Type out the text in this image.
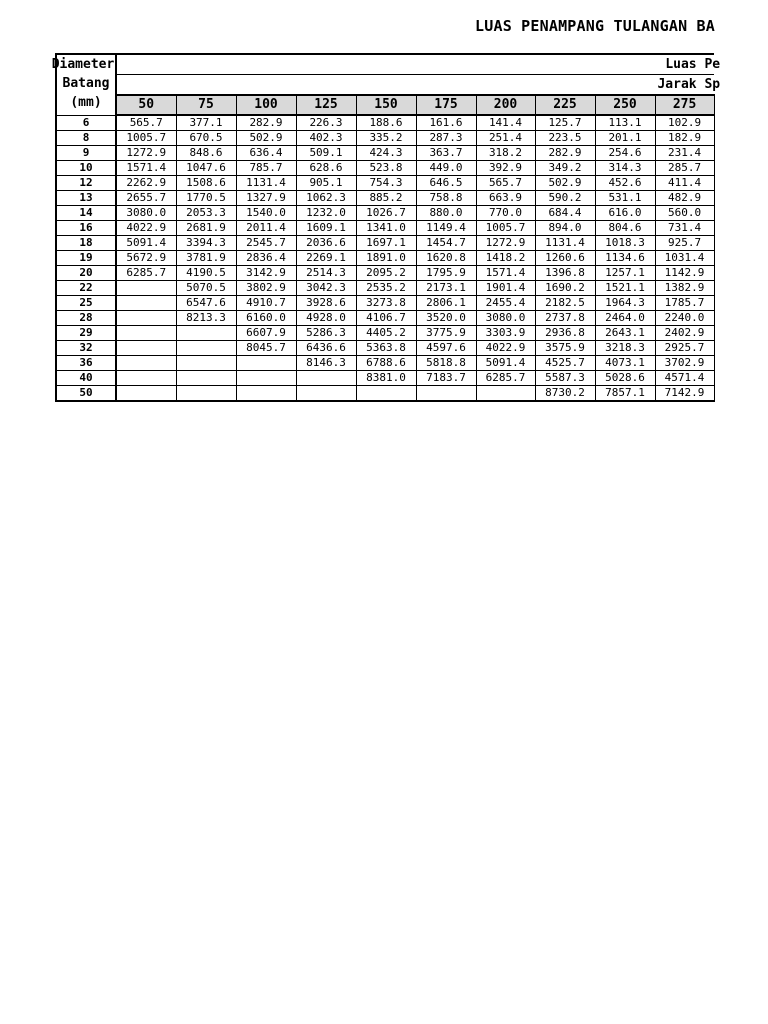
LUAS PENAMPANG TULANGAN BA
Diameter
Batang
(mm)	Luas Pe									
	Jarak Sp									
	50	75	100	125	150	175	200	225	250	275
6	565.7	377.1	282.9	226.3	188.6	161.6	141.4	125.7	113.1	102.9
8	1005.7	670.5	502.9	402.3	335.2	287.3	251.4	223.5	201.1	182.9
9	1272.9	848.6	636.4	509.1	424.3	363.7	318.2	282.9	254.6	231.4
10	1571.4	1047.6	785.7	628.6	523.8	449.0	392.9	349.2	314.3	285.7
12	2262.9	1508.6	1131.4	905.1	754.3	646.5	565.7	502.9	452.6	411.4
13	2655.7	1770.5	1327.9	1062.3	885.2	758.8	663.9	590.2	531.1	482.9
14	3080.0	2053.3	1540.0	1232.0	1026.7	880.0	770.0	684.4	616.0	560.0
16	4022.9	2681.9	2011.4	1609.1	1341.0	1149.4	1005.7	894.0	804.6	731.4
18	5091.4	3394.3	2545.7	2036.6	1697.1	1454.7	1272.9	1131.4	1018.3	925.7
19	5672.9	3781.9	2836.4	2269.1	1891.0	1620.8	1418.2	1260.6	1134.6	1031.4
20	6285.7	4190.5	3142.9	2514.3	2095.2	1795.9	1571.4	1396.8	1257.1	1142.9
22		5070.5	3802.9	3042.3	2535.2	2173.1	1901.4	1690.2	1521.1	1382.9
25		6547.6	4910.7	3928.6	3273.8	2806.1	2455.4	2182.5	1964.3	1785.7
28		8213.3	6160.0	4928.0	4106.7	3520.0	3080.0	2737.8	2464.0	2240.0
29			6607.9	5286.3	4405.2	3775.9	3303.9	2936.8	2643.1	2402.9
32			8045.7	6436.6	5363.8	4597.6	4022.9	3575.9	3218.3	2925.7
36				8146.3	6788.6	5818.8	5091.4	4525.7	4073.1	3702.9
40					8381.0	7183.7	6285.7	5587.3	5028.6	4571.4
50								8730.2	7857.1	7142.9
